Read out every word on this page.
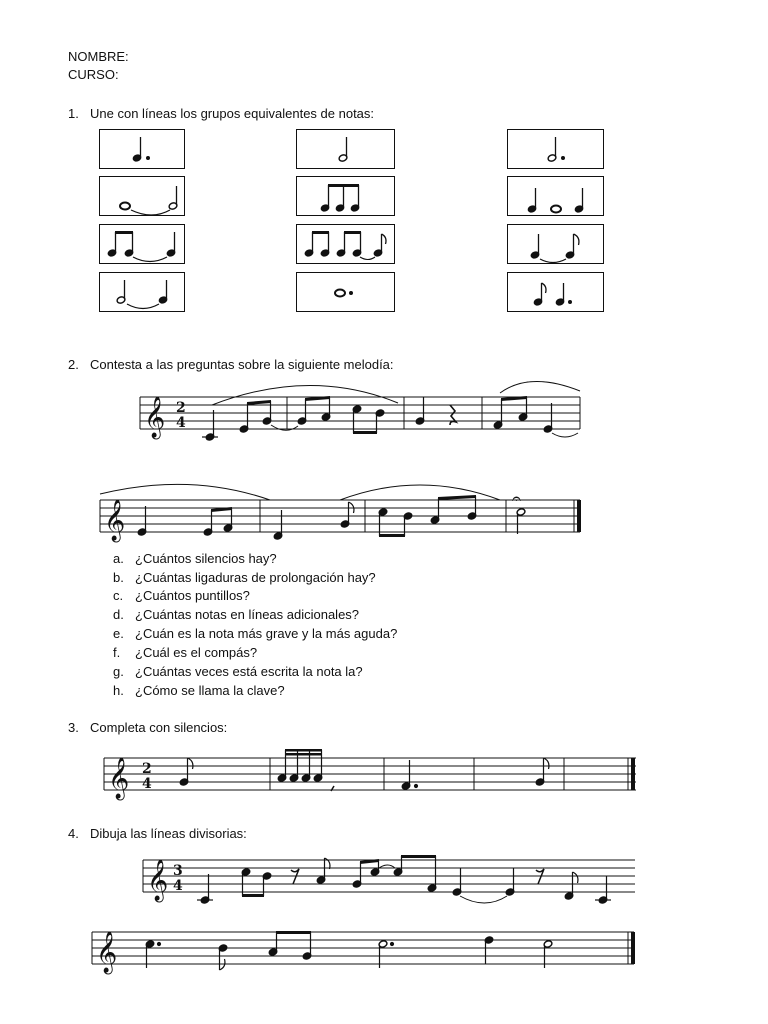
NOMBRE:
CURSO:
1. Une con líneas los grupos equivalentes de notas:
2. Contesta a las preguntas sobre la siguiente melodía:
𝄞 2
4
𝄞
𝄐
a. ¿Cuántos silencios hay?
b. ¿Cuántas ligaduras de prolongación hay?
c. ¿Cuántos puntillos?
d. ¿Cuántas notas en líneas adicionales?
e. ¿Cuán es la nota más grave y la más aguda?
f. ¿Cuál es el compás?
g. ¿Cuántas veces está escrita la nota la?
h. ¿Cómo se llama la clave?
3. Completa con silencios:
𝄞 2
4
4. Dibuja las líneas divisorias:
𝄞 3
4
𝄞
